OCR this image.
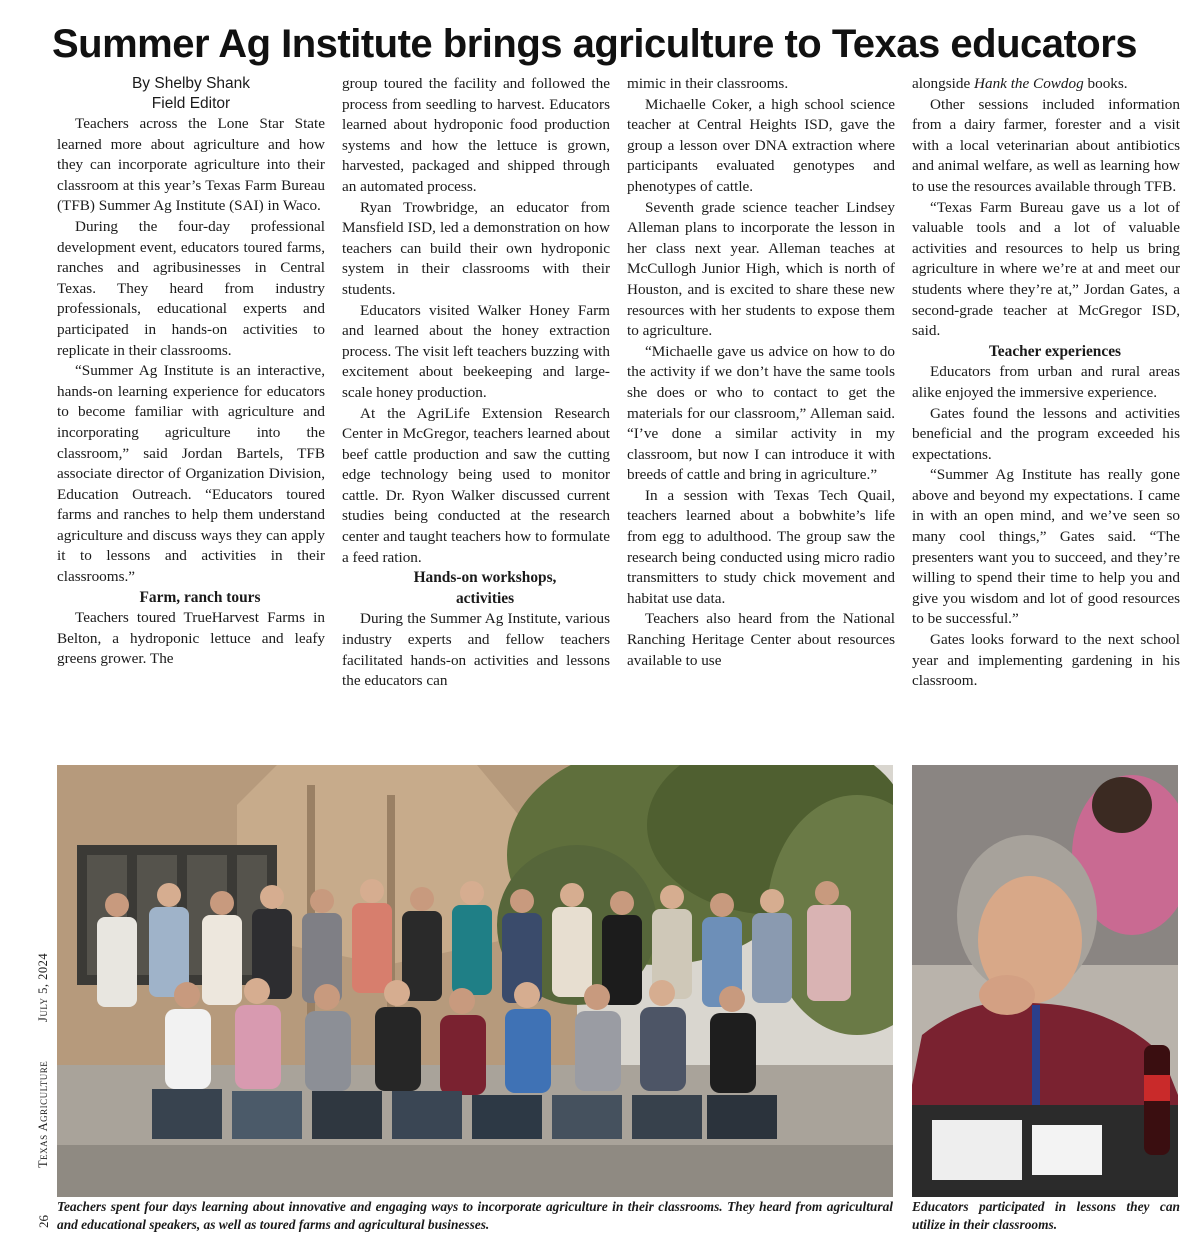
Summer Ag Institute brings agriculture to Texas educators
By Shelby Shank
Field Editor

Teachers across the Lone Star State learned more about agriculture and how they can incorporate agriculture into their classroom at this year’s Texas Farm Bureau (TFB) Summer Ag Institute (SAI) in Waco.

During the four-day professional development event, educators toured farms, ranches and agribusinesses in Central Texas. They heard from industry professionals, educational experts and participated in hands-on activities to replicate in their classrooms.

“Summer Ag Institute is an interactive, hands-on learning experience for educators to become familiar with agriculture and incorporating agriculture into the classroom,” said Jordan Bartels, TFB associate director of Organization Division, Education Outreach. “Educators toured farms and ranches to help them understand agriculture and discuss ways they can apply it to lessons and activities in their classrooms.”

Farm, ranch tours

Teachers toured TrueHarvest Farms in Belton, a hydroponic lettuce and leafy greens grower. The

group toured the facility and followed the process from seedling to harvest. Educators learned about hydroponic food production systems and how the lettuce is grown, harvested, packaged and shipped through an automated process.

Ryan Trowbridge, an educator from Mansfield ISD, led a demonstration on how teachers can build their own hydroponic system in their classrooms with their students.

Educators visited Walker Honey Farm and learned about the honey extraction process. The visit left teachers buzzing with excitement about beekeeping and large-scale honey production.

At the AgriLife Extension Research Center in McGregor, teachers learned about beef cattle production and saw the cutting edge technology being used to monitor cattle. Dr. Ryon Walker discussed current studies being conducted at the research center and taught teachers how to formulate a feed ration.

Hands-on workshops,

activities

During the Summer Ag Institute, various industry experts and fellow teachers facilitated hands-on activities and lessons the educators can

mimic in their classrooms.

Michaelle Coker, a high school science teacher at Central Heights ISD, gave the group a lesson over DNA extraction where participants evaluated genotypes and phenotypes of cattle.

Seventh grade science teacher Lindsey Alleman plans to incorporate the lesson in her class next year. Alleman teaches at McCullogh Junior High, which is north of Houston, and is excited to share these new resources with her students to expose them to agriculture.

“Michaelle gave us advice on how to do the activity if we don’t have the same tools she does or who to contact to get the materials for our classroom,” Alleman said. “I’ve done a similar activity in my classroom, but now I can introduce it with breeds of cattle and bring in agriculture.”

In a session with Texas Tech Quail, teachers learned about a bobwhite’s life from egg to adulthood. The group saw the research being conducted using micro radio transmitters to study chick movement and habitat use data.

Teachers also heard from the National Ranching Heritage Center about resources available to use

alongside Hank the Cowdog books.

Other sessions included information from a dairy farmer, forester and a visit with a local veterinarian about antibiotics and animal welfare, as well as learning how to use the resources available through TFB.

“Texas Farm Bureau gave us a lot of valuable tools and a lot of valuable activities and resources to help us bring agriculture in where we’re at and meet our students where they’re at,” Jordan Gates, a second-grade teacher at McGregor ISD, said.

Teacher experiences

Educators from urban and rural areas alike enjoyed the immersive experience.

Gates found the lessons and activities beneficial and the program exceeded his expectations.

“Summer Ag Institute has really gone above and beyond my expectations. I came in with an open mind, and we’ve seen so many cool things,” Gates said. “The presenters want you to succeed, and they’re willing to spend their time to help you and give you wisdom and lot of good resources to be successful.”

Gates looks forward to the next school year and implementing gardening in his classroom.

Teachers spent four days learning about innovative and engaging ways to incorporate agriculture in their classrooms. They heard from agricultural and educational speakers, as well as toured farms and agricultural businesses.
Educators participated in lessons they can utilize in their classrooms.
July 5, 2024
Texas Agriculture
26
